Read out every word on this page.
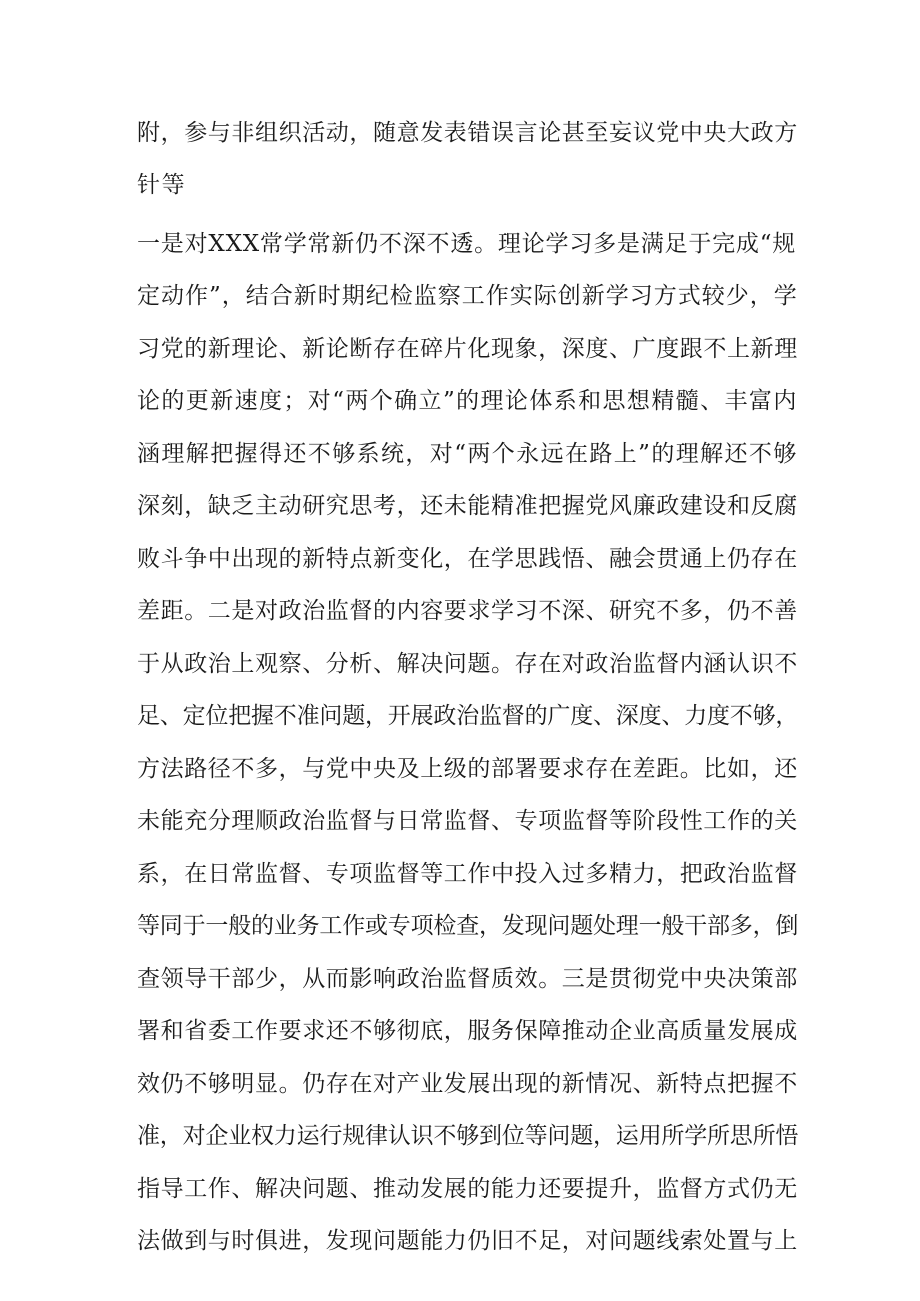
附，参与非组织活动，随意发表错误言论甚至妄议党中央大政方
针等
一是对XXX常学常新仍不深不透。理论学习多是满足于完成“规
定动作”，结合新时期纪检监察工作实际创新学习方式较少，学
习党的新理论、新论断存在碎片化现象，深度、广度跟不上新理
论的更新速度；对“两个确立”的理论体系和思想精髓、丰富内
涵理解把握得还不够系统，对“两个永远在路上”的理解还不够
深刻，缺乏主动研究思考，还未能精准把握党风廉政建设和反腐
败斗争中出现的新特点新变化，在学思践悟、融会贯通上仍存在
差距。二是对政治监督的内容要求学习不深、研究不多，仍不善
于从政治上观察、分析、解决问题。存在对政治监督内涵认识不
足、定位把握不准问题，开展政治监督的广度、深度、力度不够，
方法路径不多，与党中央及上级的部署要求存在差距。比如，还
未能充分理顺政治监督与日常监督、专项监督等阶段性工作的关
系，在日常监督、专项监督等工作中投入过多精力，把政治监督
等同于一般的业务工作或专项检查，发现问题处理一般干部多，倒
查领导干部少，从而影响政治监督质效。三是贯彻党中央决策部
署和省委工作要求还不够彻底，服务保障推动企业高质量发展成
效仍不够明显。仍存在对产业发展出现的新情况、新特点把握不
准，对企业权力运行规律认识不够到位等问题，运用所学所思所悟
指导工作、解决问题、推动发展的能力还要提升，监督方式仍无
法做到与时俱进，发现问题能力仍旧不足，对问题线索处置与上
